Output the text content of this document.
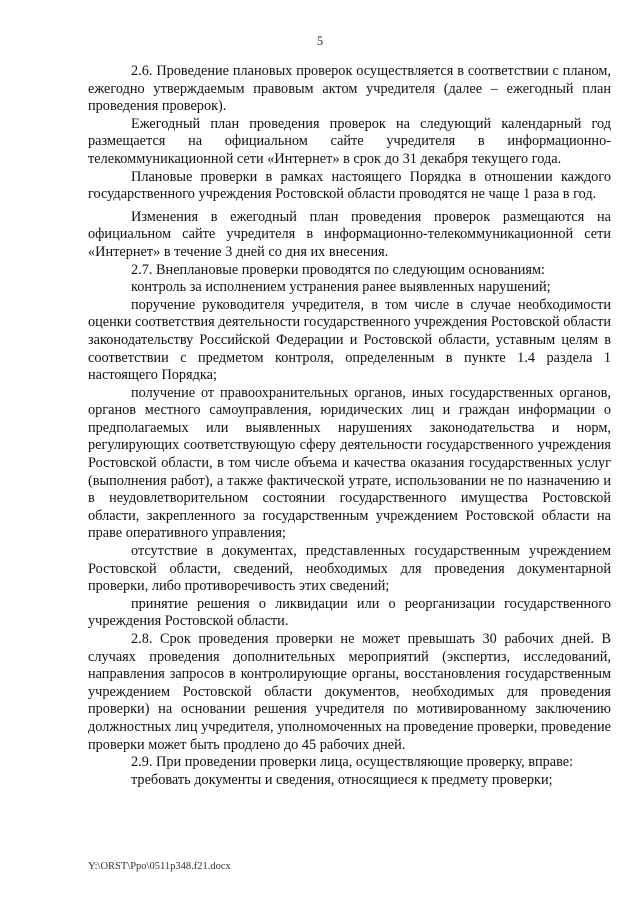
5

2.6. Проведение плановых проверок осуществляется в соответствии с планом, ежегодно утверждаемым правовым актом учредителя (далее – ежегодный план проведения проверок).

Ежегодный план проведения проверок на следующий календарный год размещается на официальном сайте учредителя в информационно-телекоммуникационной сети «Интернет» в срок до 31 декабря текущего года.

Плановые проверки в рамках настоящего Порядка в отношении каждого государственного учреждения Ростовской области проводятся не чаще 1 раза в год.

Изменения в ежегодный план проведения проверок размещаются на официальном сайте учредителя в информационно-телекоммуникационной сети «Интернет» в течение 3 дней со дня их внесения.

2.7. Внеплановые проверки проводятся по следующим основаниям:

контроль за исполнением устранения ранее выявленных нарушений;

поручение руководителя учредителя, в том числе в случае необходимости оценки соответствия деятельности государственного учреждения Ростовской области законодательству Российской Федерации и Ростовской области, уставным целям в соответствии с предметом контроля, определенным в пункте 1.4 раздела 1 настоящего Порядка;

получение от правоохранительных органов, иных государственных органов, органов местного самоуправления, юридических лиц и граждан информации о предполагаемых или выявленных нарушениях законодательства и норм, регулирующих соответствующую сферу деятельности государственного учреждения Ростовской области, в том числе объема и качества оказания государственных услуг (выполнения работ), а также фактической утрате, использовании не по назначению и в неудовлетворительном состоянии государственного имущества Ростовской области, закрепленного за государственным учреждением Ростовской области на праве оперативного управления;

отсутствие в документах, представленных государственным учреждением Ростовской области, сведений, необходимых для проведения документарной проверки, либо противоречивость этих сведений;

принятие решения о ликвидации или о реорганизации государственного учреждения Ростовской области.

2.8. Срок проведения проверки не может превышать 30 рабочих дней. В случаях проведения дополнительных мероприятий (экспертиз, исследований, направления запросов в контролирующие органы, восстановления государственным учреждением Ростовской области документов, необходимых для проведения проверки) на основании решения учредителя по мотивированному заключению должностных лиц учредителя, уполномоченных на проведение проверки, проведение проверки может быть продлено до 45 рабочих дней.

2.9. При проведении проверки лица, осуществляющие проверку, вправе:

требовать документы и сведения, относящиеся к предмету проверки;

Y:\ORST\Ppo\0511p348.f21.docx
